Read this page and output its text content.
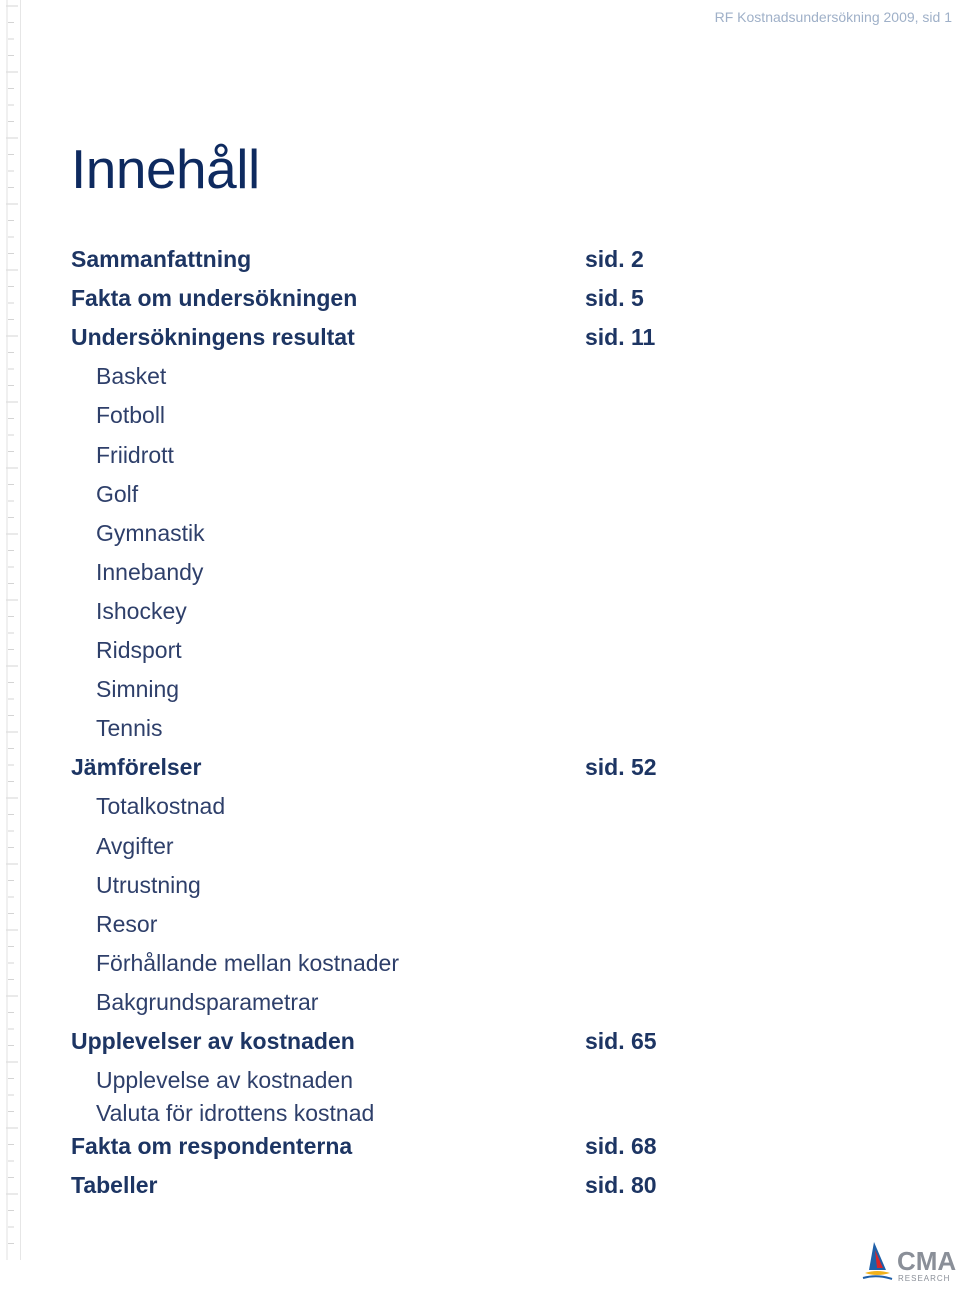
RF Kostnadsundersökning 2009, sid 1
Innehåll
Sammanfattning	sid. 2
Fakta om undersökningen	sid. 5
Undersökningens resultat	sid. 11
Basket
Fotboll
Friidrott
Golf
Gymnastik
Innebandy
Ishockey
Ridsport
Simning
Tennis
Jämförelser	sid. 52
Totalkostnad
Avgifter
Utrustning
Resor
Förhållande mellan kostnader
Bakgrundsparametrar
Upplevelser av kostnaden	sid. 65
Upplevelse av kostnaden
Valuta för idrottens kostnad
Fakta om respondenterna	sid. 68
Tabeller	sid. 80
CMA
RESEARCH
